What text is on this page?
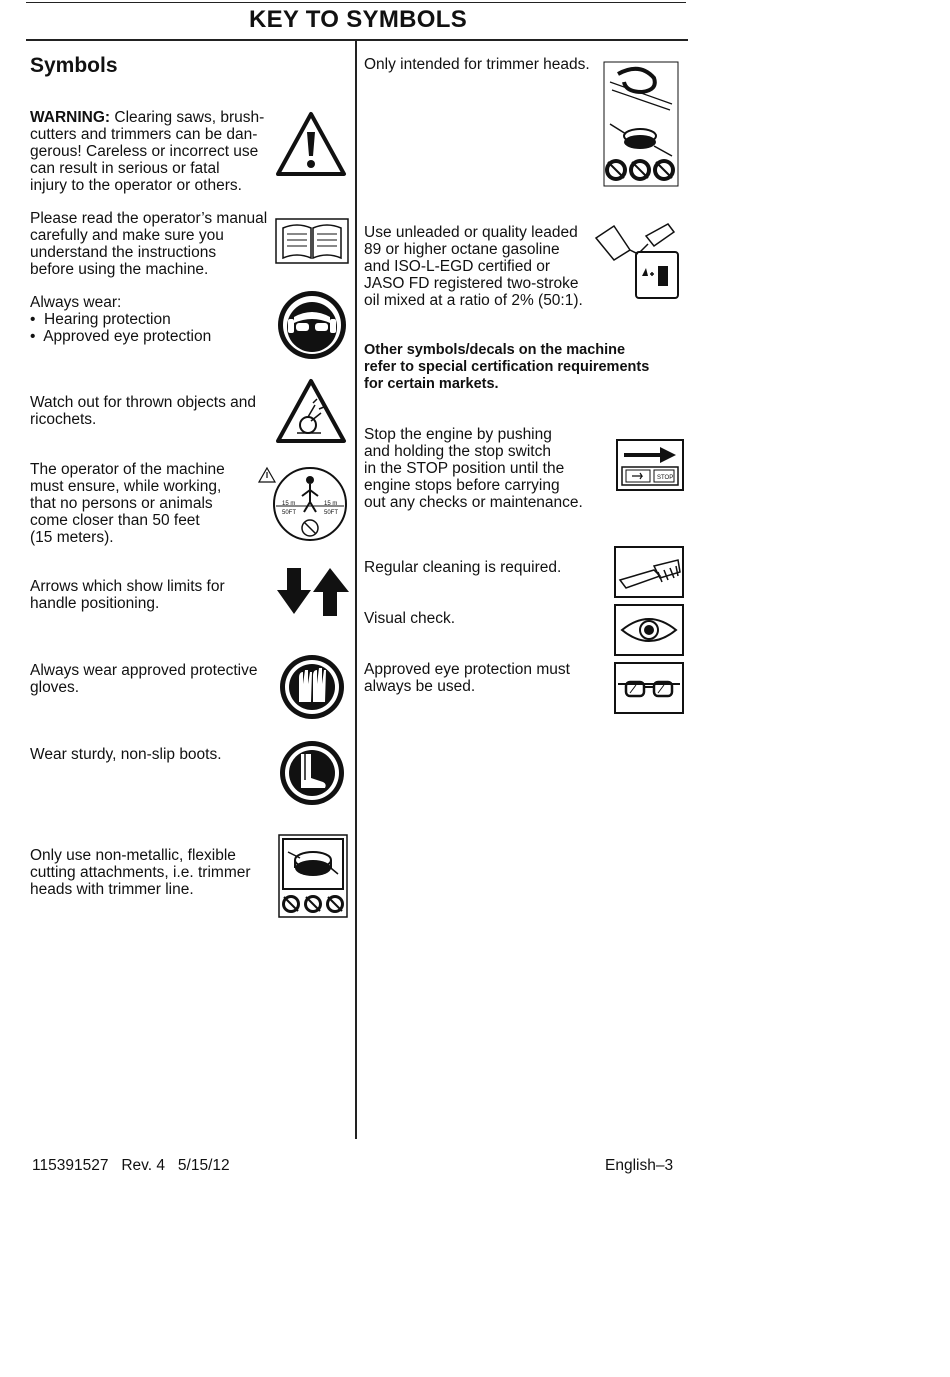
KEY TO SYMBOLS
Symbols
WARNING: Clearing saws, brush-
cutters and trimmers can be dan-
gerous! Careless or incorrect use
can result in serious or fatal
injury to the operator or others.
Please read the operator’s manual
carefully and make sure you
understand the instructions
before using the machine.
Always wear:
•  Hearing protection
•  Approved eye protection
Watch out for thrown objects and
ricochets.
The operator of the machine
must ensure, while working,
that no persons or animals
come closer than 50 feet
(15 meters).
15 m
50FT
15 m
50FT
Arrows which show limits for
handle positioning.
Always wear approved protective
gloves.
Wear sturdy, non-slip boots.
Only use non-metallic, flexible
cutting attachments, i.e. trimmer
heads with trimmer line.
Only intended for trimmer heads.
Use unleaded or quality leaded
89 or higher octane gasoline
and ISO-L-EGD certified or
JASO FD registered two-stroke
oil mixed at a ratio of 2% (50:1).
Other symbols/decals on the machine
refer to special certification requirements
for certain markets.
Stop the engine by pushing
and holding the stop switch
in the STOP position until the
engine stops before carrying
out any checks or maintenance.
STOP
Regular cleaning is required.
Visual check.
Approved eye protection must
always be used.
115391527   Rev. 4   5/15/12	English–3
